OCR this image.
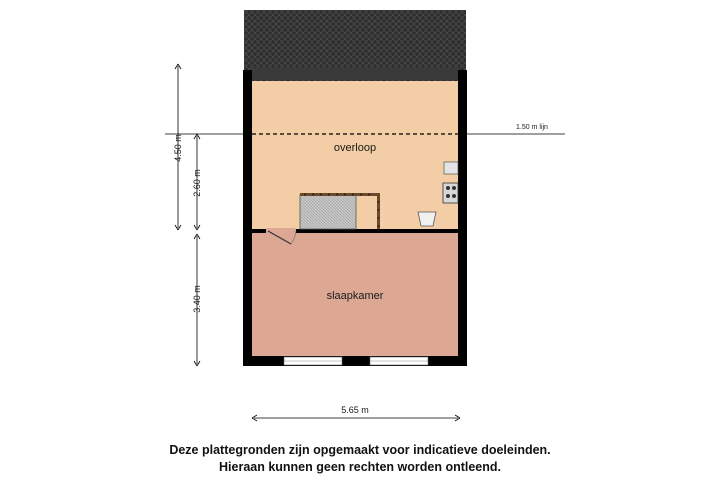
1.50 m lijn
overloop
slaapkamer
4.50 m
2.60 m
3.40 m
5.65 m
Deze plattegronden zijn opgemaakt voor indicatieve doeleinden.
Hieraan kunnen geen rechten worden ontleend.
